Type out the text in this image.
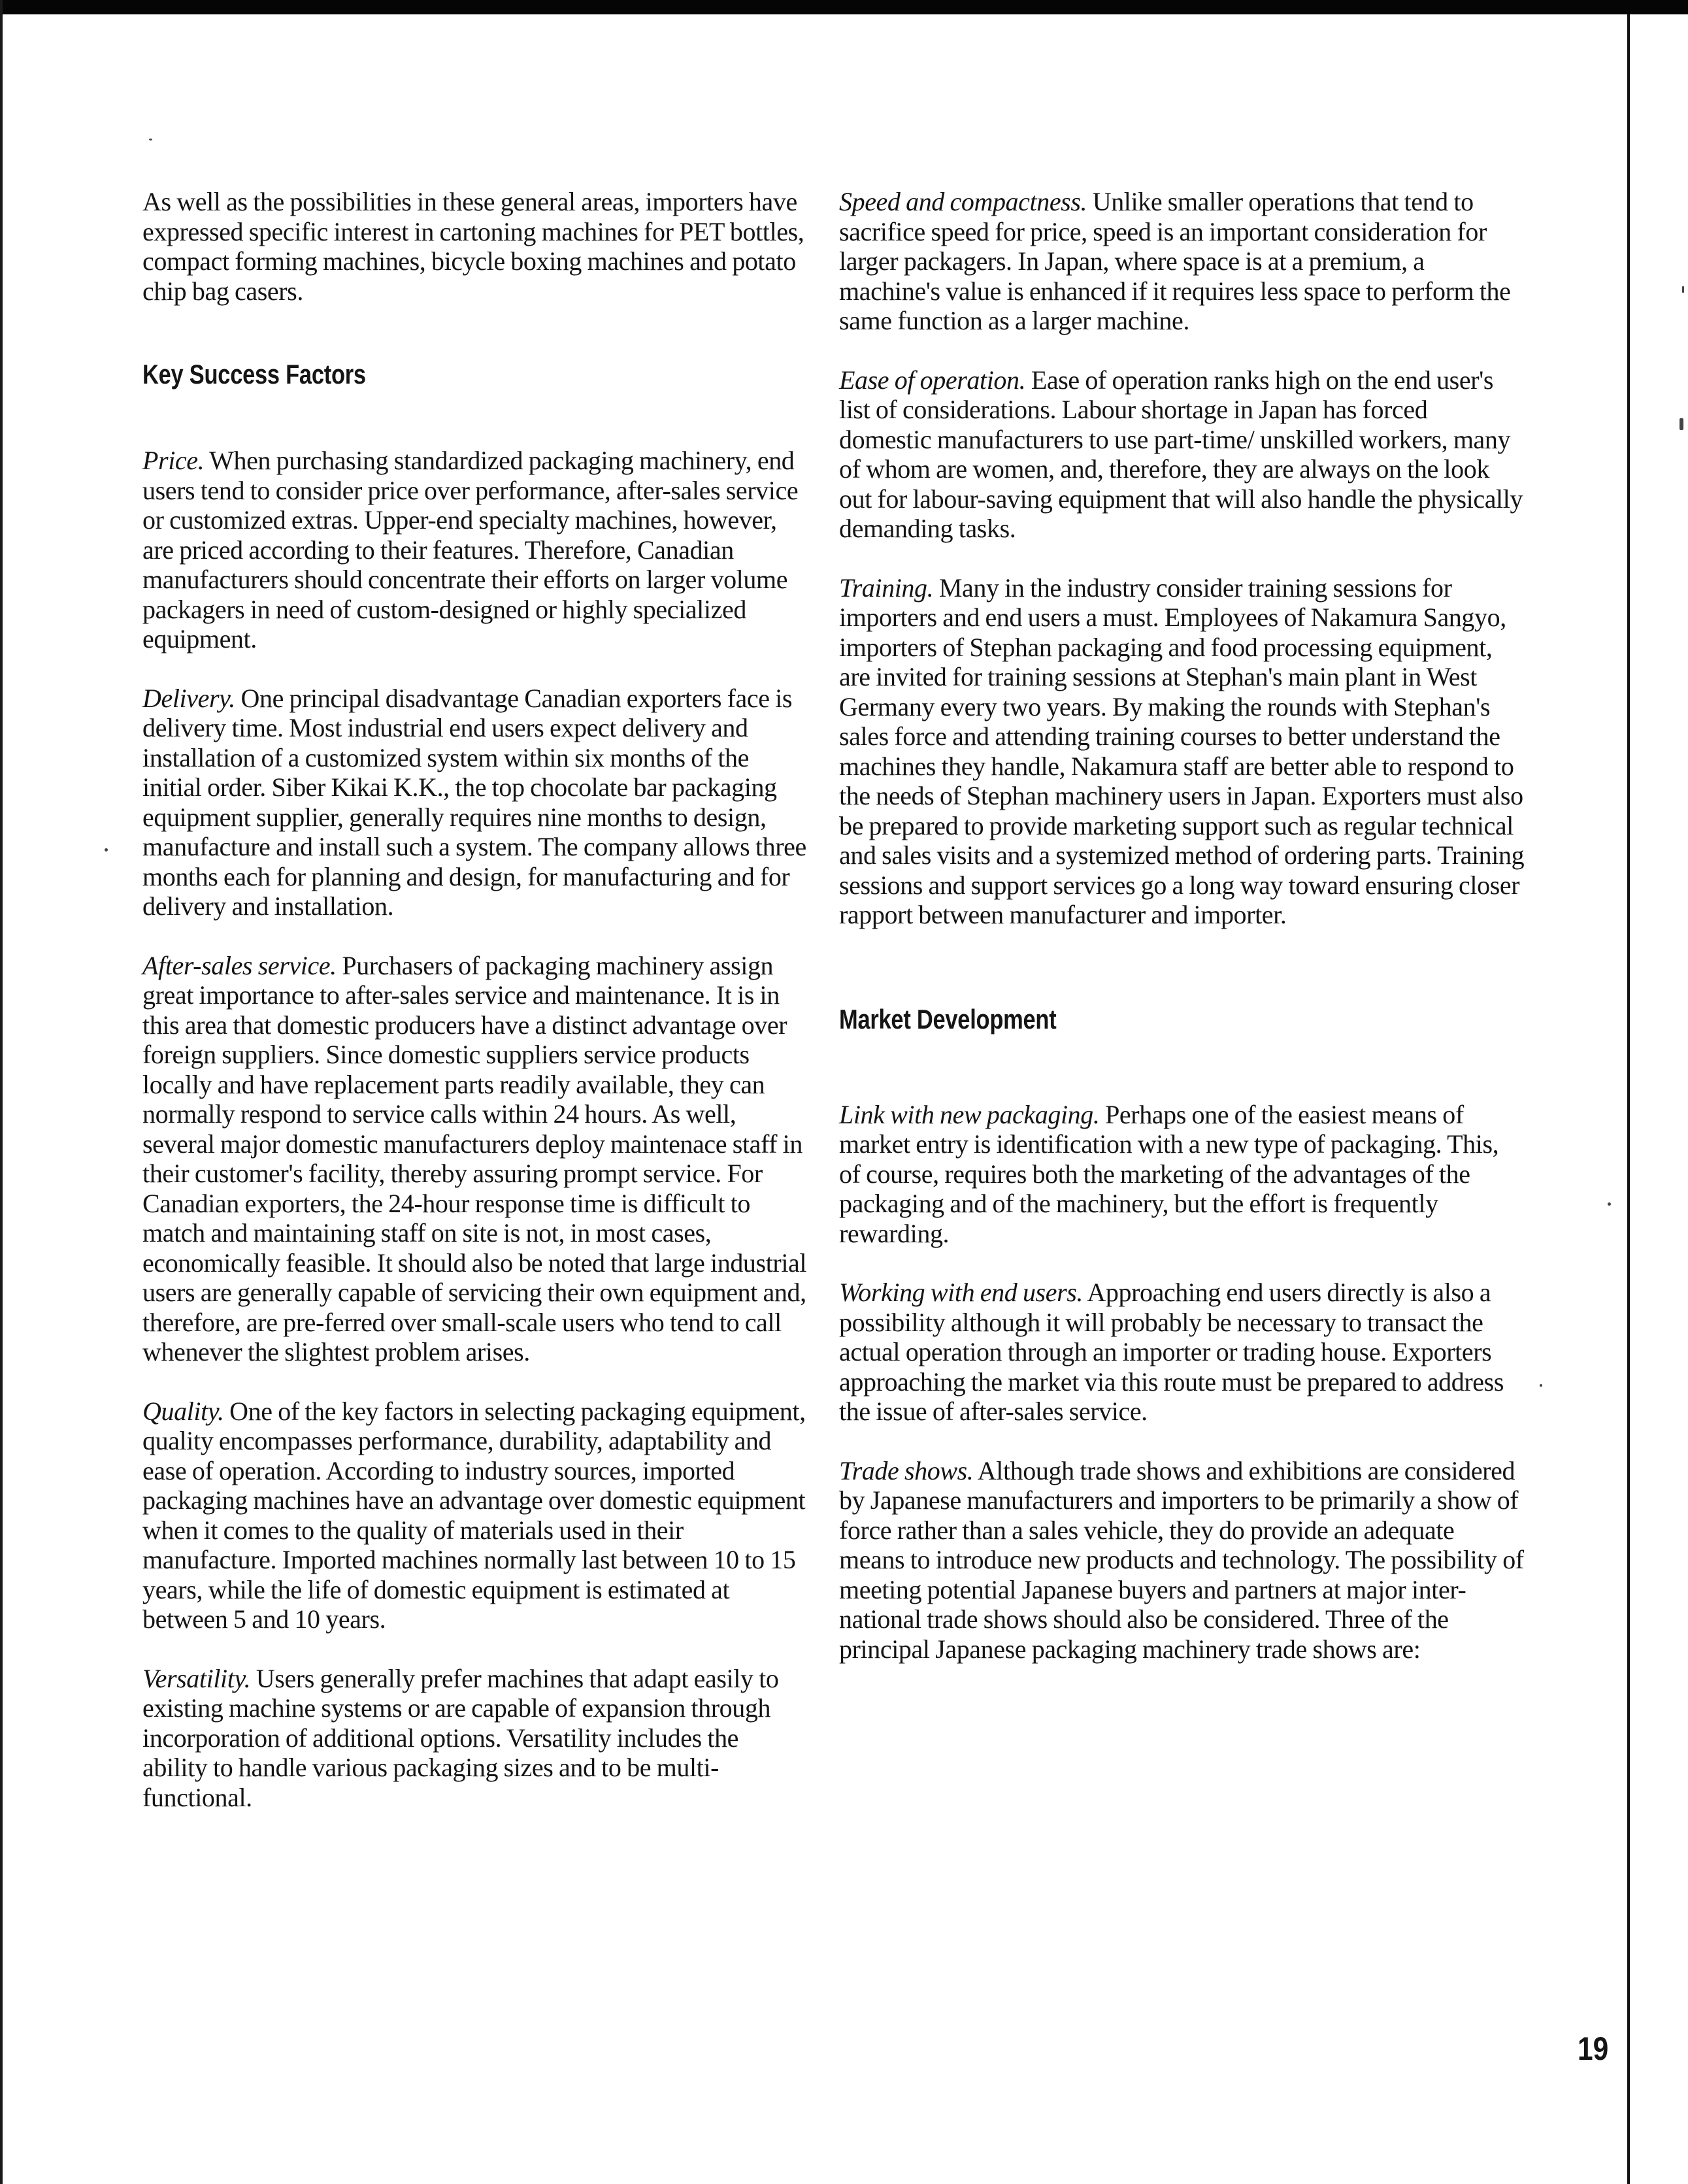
As well as the possibilities in these general areas, importers have expressed specific interest in cartoning machines for PET bottles, compact forming machines, bicycle boxing machines and potato chip bag casers.

Key Success Factors

Price. When purchasing standardized packaging machinery, end users tend to consider price over performance, after-sales service or customized extras. Upper-end specialty machines, however, are priced according to their features. Therefore, Canadian manufacturers should concentrate their efforts on larger volume packagers in need of custom-designed or highly specialized equipment.

Delivery. One principal disadvantage Canadian exporters face is delivery time. Most industrial end users expect delivery and installation of a customized system within six months of the initial order. Siber Kikai K.K., the top chocolate bar packaging equipment supplier, generally requires nine months to design, manufacture and install such a system. The company allows three months each for planning and design, for manufacturing and for delivery and installation.

After-sales service. Purchasers of packaging machinery assign great importance to after-sales service and maintenance. It is in this area that domestic producers have a distinct advantage over foreign suppliers. Since domestic suppliers service products locally and have replacement parts readily available, they can normally respond to service calls within 24 hours. As well, several major domestic manufacturers deploy maintenace staff in their customer's facility, thereby assuring prompt service. For Canadian exporters, the 24-hour response time is difficult to match and maintaining staff on site is not, in most cases, economically feasible. It should also be noted that large industrial users are generally capable of servicing their own equipment and, therefore, are pre-ferred over small-scale users who tend to call whenever the slightest problem arises.

Quality. One of the key factors in selecting packaging equipment, quality encompasses performance, durability, adaptability and ease of operation. According to industry sources, imported packaging machines have an advantage over domestic equipment when it comes to the quality of materials used in their manufacture. Imported machines normally last between 10 to 15 years, while the life of domestic equipment is estimated at between 5 and 10 years.

Versatility. Users generally prefer machines that adapt easily to existing machine systems or are capable of expansion through incorporation of additional options. Versatility includes the ability to handle various packaging sizes and to be multi-functional.

Speed and compactness. Unlike smaller operations that tend to sacrifice speed for price, speed is an important consideration for larger packagers. In Japan, where space is at a premium, a machine's value is enhanced if it requires less space to perform the same function as a larger machine.

Ease of operation. Ease of operation ranks high on the end user's list of considerations. Labour shortage in Japan has forced domestic manufacturers to use part-time/ unskilled workers, many of whom are women, and, therefore, they are always on the look out for labour-saving equipment that will also handle the physically demanding tasks.

Training. Many in the industry consider training sessions for importers and end users a must. Employees of Nakamura Sangyo, importers of Stephan packaging and food processing equipment, are invited for training sessions at Stephan's main plant in West Germany every two years. By making the rounds with Stephan's sales force and attending training courses to better understand the machines they handle, Nakamura staff are better able to respond to the needs of Stephan machinery users in Japan. Exporters must also be prepared to provide marketing support such as regular technical and sales visits and a systemized method of ordering parts. Training sessions and support services go a long way toward ensuring closer rapport between manufacturer and importer.

Market Development

Link with new packaging. Perhaps one of the easiest means of market entry is identification with a new type of packaging. This, of course, requires both the marketing of the advantages of the packaging and of the machinery, but the effort is frequently rewarding.

Working with end users. Approaching end users directly is also a possibility although it will probably be necessary to transact the actual operation through an importer or trading house. Exporters approaching the market via this route must be prepared to address the issue of after-sales service.

Trade shows. Although trade shows and exhibitions are considered by Japanese manufacturers and importers to be primarily a show of force rather than a sales vehicle, they do provide an adequate means to introduce new products and technology. The possibility of meeting potential Japanese buyers and partners at major inter-national trade shows should also be considered. Three of the principal Japanese packaging machinery trade shows are:

19
